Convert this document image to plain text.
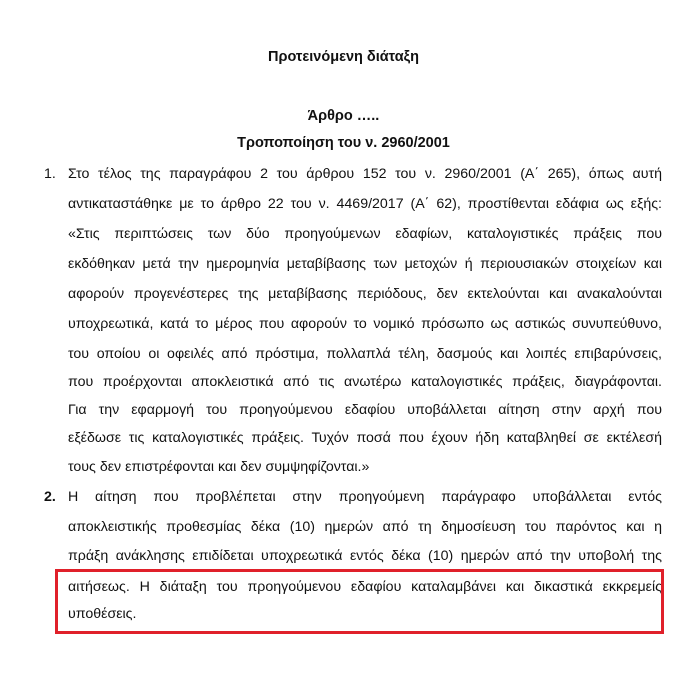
Προτεινόμενη διάταξη
Άρθρο …..
Τροποποίηση του ν. 2960/2001
1. Στο τέλος της παραγράφου 2 του άρθρου 152 του ν. 2960/2001 (Α΄ 265), όπως αυτή
αντικαταστάθηκε με το άρθρο 22 του ν. 4469/2017 (Α΄ 62), προστίθενται εδάφια ως εξής:
«Στις περιπτώσεις των δύο προηγούμενων εδαφίων, καταλογιστικές πράξεις που
εκδόθηκαν μετά την ημερομηνία μεταβίβασης των μετοχών ή περιουσιακών στοιχείων και
αφορούν προγενέστερες της μεταβίβασης περιόδους, δεν εκτελούνται και ανακαλούνται
υποχρεωτικά, κατά το μέρος που αφορούν το νομικό πρόσωπο ως αστικώς συνυπεύθυνο,
του οποίου οι οφειλές από πρόστιμα, πολλαπλά τέλη, δασμούς και λοιπές επιβαρύνσεις,
που προέρχονται αποκλειστικά από τις ανωτέρω καταλογιστικές πράξεις, διαγράφονται.
Για την εφαρμογή του προηγούμενου εδαφίου υποβάλλεται αίτηση στην αρχή που
εξέδωσε τις καταλογιστικές πράξεις. Τυχόν ποσά που έχουν ήδη καταβληθεί σε εκτέλεσή
τους δεν επιστρέφονται και δεν συμψηφίζονται.»
2. Η αίτηση που προβλέπεται στην προηγούμενη παράγραφο υποβάλλεται εντός
αποκλειστικής προθεσμίας δέκα (10) ημερών από τη δημοσίευση του παρόντος και η
πράξη ανάκλησης επιδίδεται υποχρεωτικά εντός δέκα (10) ημερών από την υποβολή της
αιτήσεως. Η διάταξη του προηγούμενου εδαφίου καταλαμβάνει και δικαστικά εκκρεμείς
υποθέσεις.
